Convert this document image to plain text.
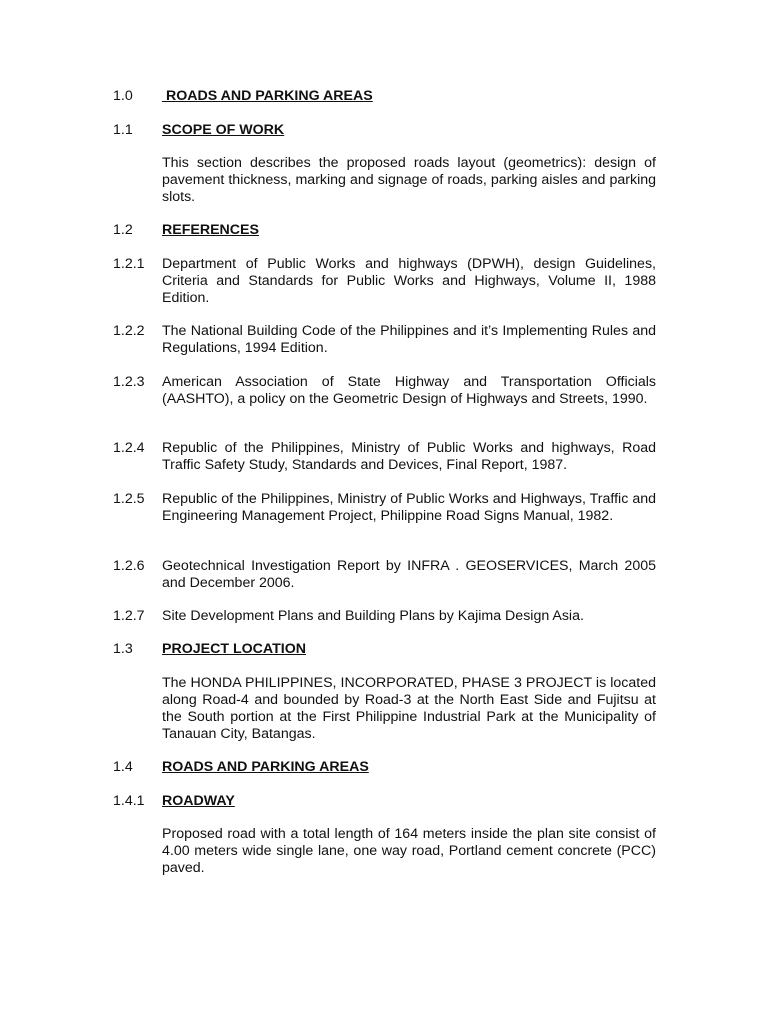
1.0 ROADS AND PARKING AREAS
1.1 SCOPE OF WORK
This section describes the proposed roads layout (geometrics): design of pavement thickness, marking and signage of roads, parking aisles and parking slots.
1.2 REFERENCES
1.2.1 Department of Public Works and highways (DPWH), design Guidelines, Criteria and Standards for Public Works and Highways, Volume II, 1988 Edition.
1.2.2 The National Building Code of the Philippines and it’s Implementing Rules and Regulations, 1994 Edition.
1.2.3 American Association of State Highway and Transportation Officials (AASHTO), a policy on the Geometric Design of Highways and Streets, 1990.
1.2.4 Republic of the Philippines, Ministry of Public Works and highways, Road Traffic Safety Study, Standards and Devices, Final Report, 1987.
1.2.5 Republic of the Philippines, Ministry of Public Works and Highways, Traffic and Engineering Management Project, Philippine Road Signs Manual, 1982.
1.2.6 Geotechnical Investigation Report by INFRA . GEOSERVICES, March 2005 and December 2006.
1.2.7 Site Development Plans and Building Plans by Kajima Design Asia.
1.3 PROJECT LOCATION
The HONDA PHILIPPINES, INCORPORATED, PHASE 3 PROJECT is located along Road-4 and bounded by Road-3 at the North East Side and Fujitsu at the South portion at the First Philippine Industrial Park at the Municipality of Tanauan City, Batangas.
1.4 ROADS AND PARKING AREAS
1.4.1 ROADWAY
Proposed road with a total length of 164 meters inside the plan site consist of 4.00 meters wide single lane, one way road, Portland cement concrete (PCC) paved.
